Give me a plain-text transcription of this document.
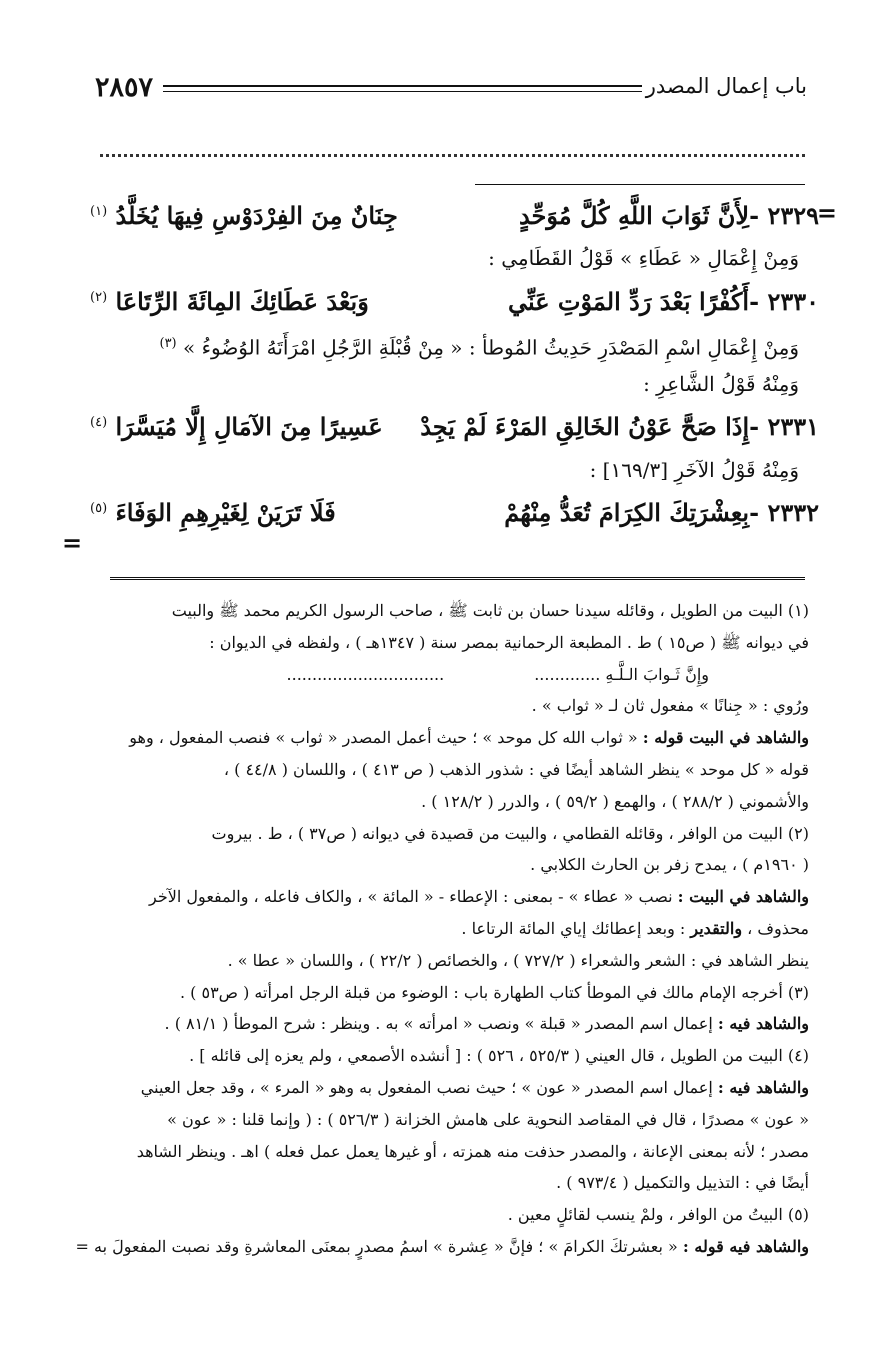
٢٨٥٧	باب إعمال المصدر
=
=
٢٣٢٩ -
لِأَنَّ ثَوَابَ اللَّهِ كُلَّ مُوَحِّدٍ
جِنَانٌ مِنَ الفِرْدَوْسِ فِيهَا يُخَلَّدُ $^{(١)}$
وَمِنْ إِعْمَالِ « عَطَاءِ » قَوْلُ القَطَامِي :
٢٣٣٠ -
أَكُفْرًا بَعْدَ رَدِّ المَوْتِ عَنِّي
وَبَعْدَ عَطَائِكَ المِائَةَ الرِّتَاعَا $^{(٢)}$
وَمِنْ إِعْمَالِ اسْمِ المَصْدَرِ حَدِيثُ المُوطأ : « مِنْ قُبْلَةِ الرَّجُلِ امْرَأَتَهُ الوُضُوءُ » $^{(٣)}$
وَمِنْهُ قَوْلُ الشَّاعِرِ :
٢٣٣١ -
إِذَا صَحَّ عَوْنُ الخَالِقِ المَرْءَ لَمْ يَجِدْ
عَسِيرًا مِنَ الآمَالِ إِلَّا مُيَسَّرَا $^{(٤)}$
وَمِنْهُ قَوْلُ الآخَرِ [١٦٩/٣] :
٢٣٣٢ -
بِعِشْرَتِكَ الكِرَامَ تُعَدُّ مِنْهُمْ
فَلَا تَرَيَنْ لِغَيْرِهِمِ الوَفَاءَ $^{(٥)}$

(١) البيت من الطويل ، وقائله سيدنا حسان بن ثابت ﷺ ، صاحب الرسول الكريم محمد ﷺ والبيت

في ديوانه ﷺ ( ص١٥ ) ط . المطبعة الرحمانية بمصر سنة ( ١٣٤٧هـ ) ، ولفظه في الديوان :

وإِنَّ ثَـوابَ الـلَّـهِ ............................................

ورُوي : « جِنانًا » مفعول ثان لـ « ثواب » .

والشاهد في البيت قوله : « ثواب الله كل موحد » ؛ حيث أعمل المصدر « ثواب » فنصب المفعول ، وهو

قوله « كل موحد » ينظر الشاهد أيضًا في : شذور الذهب ( ص ٤١٣ ) ، واللسان ( ٤٤/٨ ) ،

والأشموني ( ٢٨٨/٢ ) ، والهمع ( ٥٩/٢ ) ، والدرر ( ١٢٨/٢ ) .

(٢) البيت من الوافر ، وقائله القطامي ، والبيت من قصيدة في ديوانه ( ص٣٧ ) ، ط . بيروت

( ١٩٦٠م ) ، يمدح زفر بن الحارث الكلابي .

والشاهد في البيت : نصب « عطاء » - بمعنى : الإعطاء - « المائة » ، والكاف فاعله ، والمفعول الآخر

محذوف ، والتقدير : وبعد إعطائك إياي المائة الرتاعا .

ينظر الشاهد في : الشعر والشعراء ( ٧٢٧/٢ ) ، والخصائص ( ٢٢/٢ ) ، واللسان « عطا » .

(٣) أخرجه الإمام مالك في الموطأ كتاب الطهارة باب : الوضوء من قبلة الرجل امرأته ( ص٥٣ ) .

والشاهد فيه : إعمال اسم المصدر « قبلة » ونصب « امرأته » به . وينظر : شرح الموطأ ( ٨١/١ ) .

(٤) البيت من الطويل ، قال العيني ( ٥٢٥/٣ ، ٥٢٦ ) : [ أنشده الأصمعي ، ولم يعزه إلى قائله ] .

والشاهد فيه : إعمال اسم المصدر « عون » ؛ حيث نصب المفعول به وهو « المرء » ، وقد جعل العيني

« عون » مصدرًا ، قال في المقاصد النحوية على هامش الخزانة ( ٥٢٦/٣ ) : ( وإنما قلنا : « عون »

مصدر ؛ لأنه بمعنى الإعانة ، والمصدر حذفت منه همزته ، أو غيرها يعمل عمل فعله ) اهـ . وينظر الشاهد

أيضًا في : التذييل والتكميل ( ٩٧٣/٤ ) .

(٥) البيتُ من الوافر ، ولمْ ينسب لقائلٍ معين .

والشاهد فيه قوله : « بعشرتكَ الكرامَ » ؛ فإنَّ « عِشرة » اسمُ مصدرٍ بمعنَى المعاشرةِ وقد نصبت المفعولَ به =
